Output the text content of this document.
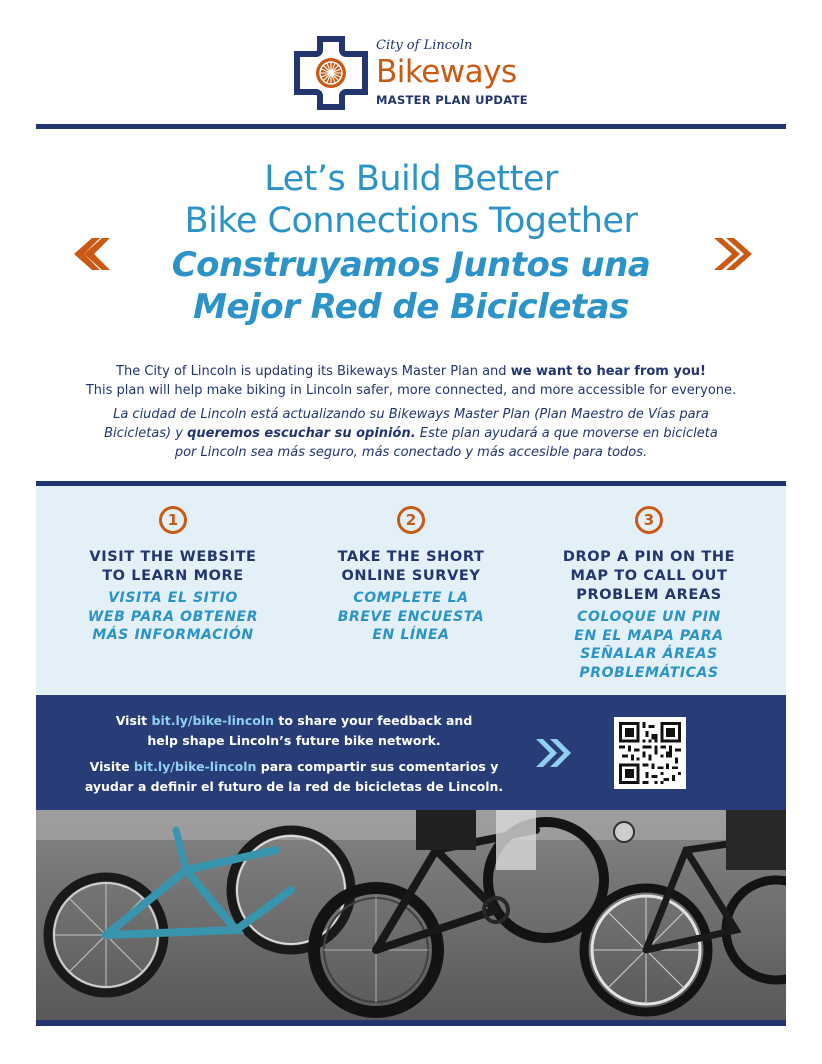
City of Lincoln
Bikeways
MASTER PLAN UPDATE
Let’s Build Better
Bike Connections Together
Construyamos Juntos una
Mejor Red de Bicicletas
The City of Lincoln is updating its Bikeways Master Plan and we want to hear from you!
This plan will help make biking in Lincoln safer, more connected, and more accessible for everyone.
La ciudad de Lincoln está actualizando su Bikeways Master Plan (Plan Maestro de Vías para Bicicletas) y queremos escuchar su opinión. Este plan ayudará a que moverse en bicicleta por Lincoln sea más seguro, más conectado y más accesible para todos.
1
VISIT THE WEBSITE
TO LEARN MORE
VISITA EL SITIO
WEB PARA OBTENER
MÁS INFORMACIÓN
2
TAKE THE SHORT
ONLINE SURVEY
COMPLETE LA
BREVE ENCUESTA
EN LÍNEA
3
DROP A PIN ON THE
MAP TO CALL OUT
PROBLEM AREAS
COLOQUE UN PIN
EN EL MAPA PARA
SEÑALAR ÁREAS
PROBLEMÁTICAS
Visit bit.ly/bike-lincoln to share your feedback and
help shape Lincoln’s future bike network.
Visite bit.ly/bike-lincoln para compartir sus comentarios y
ayudar a definir el futuro de la red de bicicletas de Lincoln.
